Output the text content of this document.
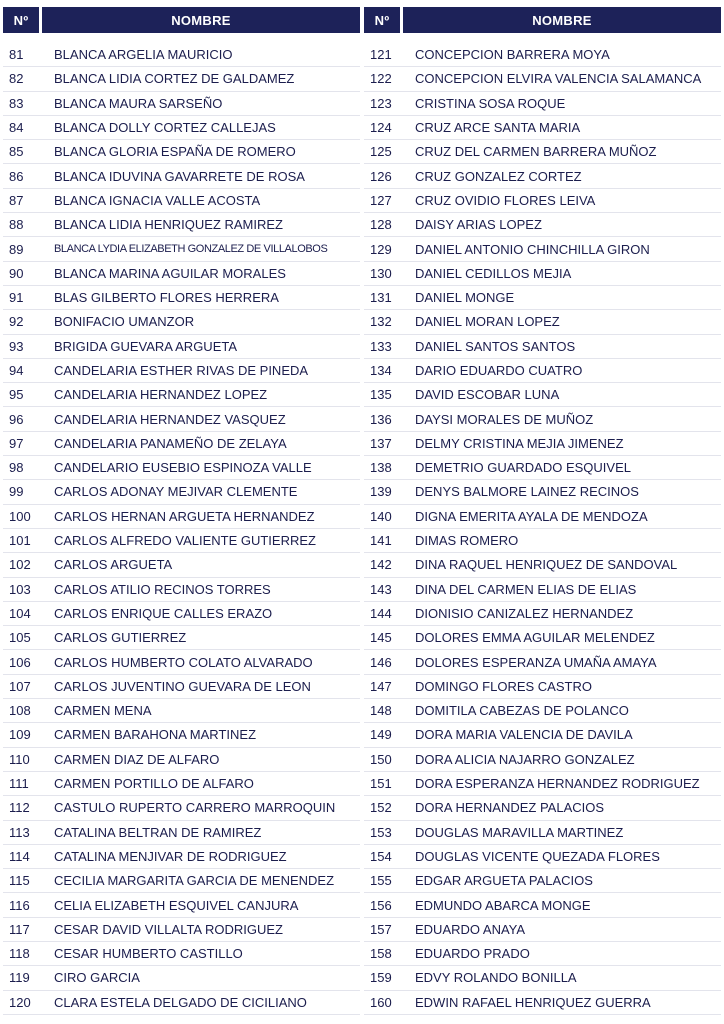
Nº	NOMBRE
81	BLANCA ARGELIA MAURICIO
82	BLANCA LIDIA CORTEZ DE GALDAMEZ
83	BLANCA MAURA SARSEÑO
84	BLANCA DOLLY CORTEZ CALLEJAS
85	BLANCA GLORIA ESPAÑA DE ROMERO
86	BLANCA IDUVINA GAVARRETE DE ROSA
87	BLANCA IGNACIA VALLE ACOSTA
88	BLANCA LIDIA HENRIQUEZ RAMIREZ
89	BLANCA LYDIA ELIZABETH GONZALEZ DE VILLALOBOS
90	BLANCA MARINA AGUILAR MORALES
91	BLAS GILBERTO FLORES HERRERA
92	BONIFACIO UMANZOR
93	BRIGIDA GUEVARA ARGUETA
94	CANDELARIA ESTHER RIVAS DE PINEDA
95	CANDELARIA HERNANDEZ LOPEZ
96	CANDELARIA HERNANDEZ VASQUEZ
97	CANDELARIA PANAMEÑO DE ZELAYA
98	CANDELARIO EUSEBIO ESPINOZA VALLE
99	CARLOS ADONAY MEJIVAR CLEMENTE
100	CARLOS HERNAN ARGUETA HERNANDEZ
101	CARLOS ALFREDO VALIENTE GUTIERREZ
102	CARLOS ARGUETA
103	CARLOS ATILIO RECINOS TORRES
104	CARLOS ENRIQUE CALLES ERAZO
105	CARLOS GUTIERREZ
106	CARLOS HUMBERTO COLATO ALVARADO
107	CARLOS JUVENTINO GUEVARA DE LEON
108	CARMEN MENA
109	CARMEN BARAHONA MARTINEZ
110	CARMEN DIAZ DE ALFARO
111	CARMEN PORTILLO DE ALFARO
112	CASTULO RUPERTO CARRERO MARROQUIN
113	CATALINA BELTRAN DE RAMIREZ
114	CATALINA MENJIVAR DE RODRIGUEZ
115	CECILIA MARGARITA GARCIA DE MENENDEZ
116	CELIA ELIZABETH ESQUIVEL CANJURA
117	CESAR DAVID VILLALTA RODRIGUEZ
118	CESAR HUMBERTO CASTILLO
119	CIRO GARCIA
120	CLARA ESTELA DELGADO DE CICILIANO
Nº	NOMBRE
121	CONCEPCION BARRERA MOYA
122	CONCEPCION ELVIRA VALENCIA SALAMANCA
123	CRISTINA SOSA ROQUE
124	CRUZ ARCE SANTA MARIA
125	CRUZ DEL CARMEN BARRERA MUÑOZ
126	CRUZ GONZALEZ CORTEZ
127	CRUZ OVIDIO FLORES LEIVA
128	DAISY ARIAS LOPEZ
129	DANIEL ANTONIO CHINCHILLA GIRON
130	DANIEL CEDILLOS MEJIA
131	DANIEL MONGE
132	DANIEL MORAN LOPEZ
133	DANIEL SANTOS SANTOS
134	DARIO EDUARDO CUATRO
135	DAVID ESCOBAR LUNA
136	DAYSI MORALES DE MUÑOZ
137	DELMY CRISTINA MEJIA JIMENEZ
138	DEMETRIO GUARDADO ESQUIVEL
139	DENYS BALMORE LAINEZ RECINOS
140	DIGNA EMERITA AYALA DE MENDOZA
141	DIMAS ROMERO
142	DINA RAQUEL HENRIQUEZ DE SANDOVAL
143	DINA DEL CARMEN ELIAS DE ELIAS
144	DIONISIO CANIZALEZ HERNANDEZ
145	DOLORES EMMA AGUILAR MELENDEZ
146	DOLORES ESPERANZA UMAÑA AMAYA
147	DOMINGO FLORES CASTRO
148	DOMITILA CABEZAS DE POLANCO
149	DORA MARIA VALENCIA DE DAVILA
150	DORA ALICIA NAJARRO GONZALEZ
151	DORA ESPERANZA HERNANDEZ RODRIGUEZ
152	DORA HERNANDEZ PALACIOS
153	DOUGLAS MARAVILLA MARTINEZ
154	DOUGLAS VICENTE QUEZADA FLORES
155	EDGAR ARGUETA PALACIOS
156	EDMUNDO ABARCA MONGE
157	EDUARDO ANAYA
158	EDUARDO PRADO
159	EDVY ROLANDO BONILLA
160	EDWIN RAFAEL HENRIQUEZ GUERRA
